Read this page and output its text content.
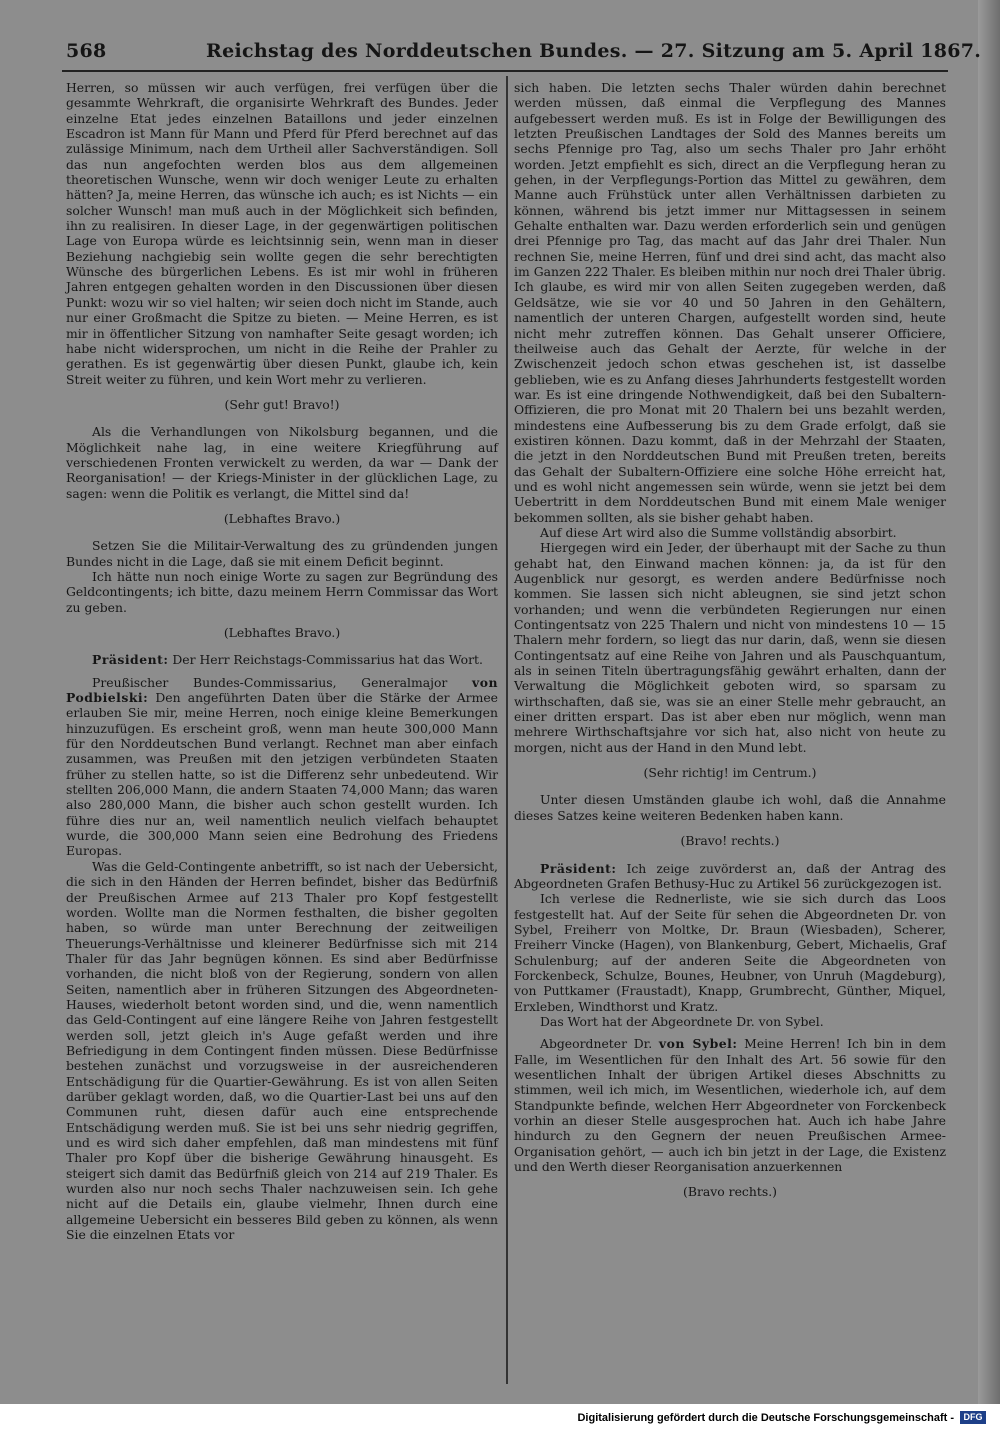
568	Reichstag des Norddeutschen Bundes. — 27. Sitzung am 5. April 1867.

Herren, so müssen wir auch verfügen, frei verfügen über die gesammte Wehrkraft, die organisirte Wehrkraft des Bundes. Jeder einzelne Etat jedes einzelnen Bataillons und jeder einzelnen Escadron ist Mann für Mann und Pferd für Pferd berechnet auf das zulässige Minimum, nach dem Urtheil aller Sachverständigen. Soll das nun angefochten werden blos aus dem allgemeinen theoretischen Wunsche, wenn wir doch weniger Leute zu erhalten hätten? Ja, meine Herren, das wünsche ich auch; es ist Nichts — ein solcher Wunsch! man muß auch in der Möglichkeit sich befinden, ihn zu realisiren. In dieser Lage, in der gegenwärtigen politischen Lage von Europa würde es leichtsinnig sein, wenn man in dieser Beziehung nachgiebig sein wollte gegen die sehr berechtigten Wünsche des bürgerlichen Lebens. Es ist mir wohl in früheren Jahren entgegen gehalten worden in den Discussionen über diesen Punkt: wozu wir so viel halten; wir seien doch nicht im Stande, auch nur einer Großmacht die Spitze zu bieten. — Meine Herren, es ist mir in öffentlicher Sitzung von namhafter Seite gesagt worden; ich habe nicht widersprochen, um nicht in die Reihe der Prahler zu gerathen. Es ist gegenwärtig über diesen Punkt, glaube ich, kein Streit weiter zu führen, und kein Wort mehr zu verlieren.

(Sehr gut! Bravo!)

Als die Verhandlungen von Nikolsburg begannen, und die Möglichkeit nahe lag, in eine weitere Kriegführung auf verschiedenen Fronten verwickelt zu werden, da war — Dank der Reorganisation! — der Kriegs-Minister in der glücklichen Lage, zu sagen: wenn die Politik es verlangt, die Mittel sind da!

(Lebhaftes Bravo.)

Setzen Sie die Militair-Verwaltung des zu gründenden jungen Bundes nicht in die Lage, daß sie mit einem Deficit beginnt.

Ich hätte nun noch einige Worte zu sagen zur Begründung des Geldcontingents; ich bitte, dazu meinem Herrn Commissar das Wort zu geben.

(Lebhaftes Bravo.)

Präsident: Der Herr Reichstags-Commissarius hat das Wort.

Preußischer Bundes-Commissarius, Generalmajor von Podbielski: Den angeführten Daten über die Stärke der Armee erlauben Sie mir, meine Herren, noch einige kleine Bemerkungen hinzuzufügen. Es erscheint groß, wenn man heute 300,000 Mann für den Norddeutschen Bund verlangt. Rechnet man aber einfach zusammen, was Preußen mit den jetzigen verbündeten Staaten früher zu stellen hatte, so ist die Differenz sehr unbedeutend. Wir stellten 206,000 Mann, die andern Staaten 74,000 Mann; das waren also 280,000 Mann, die bisher auch schon gestellt wurden. Ich führe dies nur an, weil namentlich neulich vielfach behauptet wurde, die 300,000 Mann seien eine Bedrohung des Friedens Europas.

Was die Geld-Contingente anbetrifft, so ist nach der Uebersicht, die sich in den Händen der Herren befindet, bisher das Bedürfniß der Preußischen Armee auf 213 Thaler pro Kopf festgestellt worden. Wollte man die Normen festhalten, die bisher gegolten haben, so würde man unter Berechnung der zeitweiligen Theuerungs-Verhältnisse und kleinerer Bedürfnisse sich mit 214 Thaler für das Jahr begnügen können. Es sind aber Bedürfnisse vorhanden, die nicht bloß von der Regierung, sondern von allen Seiten, namentlich aber in früheren Sitzungen des Abgeordneten-Hauses, wiederholt betont worden sind, und die, wenn namentlich das Geld-Contingent auf eine längere Reihe von Jahren festgestellt werden soll, jetzt gleich in's Auge gefaßt werden und ihre Befriedigung in dem Contingent finden müssen. Diese Bedürfnisse bestehen zunächst und vorzugsweise in der ausreichenderen Entschädigung für die Quartier-Gewährung. Es ist von allen Seiten darüber geklagt worden, daß, wo die Quartier-Last bei uns auf den Communen ruht, diesen dafür auch eine entsprechende Entschädigung werden muß. Sie ist bei uns sehr niedrig gegriffen, und es wird sich daher empfehlen, daß man mindestens mit fünf Thaler pro Kopf über die bisherige Gewährung hinausgeht. Es steigert sich damit das Bedürfniß gleich von 214 auf 219 Thaler. Es wurden also nur noch sechs Thaler nachzuweisen sein. Ich gehe nicht auf die Details ein, glaube vielmehr, Ihnen durch eine allgemeine Uebersicht ein besseres Bild geben zu können, als wenn Sie die einzelnen Etats vor

sich haben. Die letzten sechs Thaler würden dahin berechnet werden müssen, daß einmal die Verpflegung des Mannes aufgebessert werden muß. Es ist in Folge der Bewilligungen des letzten Preußischen Landtages der Sold des Mannes bereits um sechs Pfennige pro Tag, also um sechs Thaler pro Jahr erhöht worden. Jetzt empfiehlt es sich, direct an die Verpflegung heran zu gehen, in der Verpflegungs-Portion das Mittel zu gewähren, dem Manne auch Frühstück unter allen Verhältnissen darbieten zu können, während bis jetzt immer nur Mittagsessen in seinem Gehalte enthalten war. Dazu werden erforderlich sein und genügen drei Pfennige pro Tag, das macht auf das Jahr drei Thaler. Nun rechnen Sie, meine Herren, fünf und drei sind acht, das macht also im Ganzen 222 Thaler. Es bleiben mithin nur noch drei Thaler übrig. Ich glaube, es wird mir von allen Seiten zugegeben werden, daß Geldsätze, wie sie vor 40 und 50 Jahren in den Gehältern, namentlich der unteren Chargen, aufgestellt worden sind, heute nicht mehr zutreffen können. Das Gehalt unserer Officiere, theilweise auch das Gehalt der Aerzte, für welche in der Zwischenzeit jedoch schon etwas geschehen ist, ist dasselbe geblieben, wie es zu Anfang dieses Jahrhunderts festgestellt worden war. Es ist eine dringende Nothwendigkeit, daß bei den Subaltern-Offizieren, die pro Monat mit 20 Thalern bei uns bezahlt werden, mindestens eine Aufbesserung bis zu dem Grade erfolgt, daß sie existiren können. Dazu kommt, daß in der Mehrzahl der Staaten, die jetzt in den Norddeutschen Bund mit Preußen treten, bereits das Gehalt der Subaltern-Offiziere eine solche Höhe erreicht hat, und es wohl nicht angemessen sein würde, wenn sie jetzt bei dem Uebertritt in dem Norddeutschen Bund mit einem Male weniger bekommen sollten, als sie bisher gehabt haben.

Auf diese Art wird also die Summe vollständig absorbirt.

Hiergegen wird ein Jeder, der überhaupt mit der Sache zu thun gehabt hat, den Einwand machen können: ja, da ist für den Augenblick nur gesorgt, es werden andere Bedürfnisse noch kommen. Sie lassen sich nicht ableugnen, sie sind jetzt schon vorhanden; und wenn die verbündeten Regierungen nur einen Contingentsatz von 225 Thalern und nicht von mindestens 10 — 15 Thalern mehr fordern, so liegt das nur darin, daß, wenn sie diesen Contingentsatz auf eine Reihe von Jahren und als Pauschquantum, als in seinen Titeln übertragungsfähig gewährt erhalten, dann der Verwaltung die Möglichkeit geboten wird, so sparsam zu wirthschaften, daß sie, was sie an einer Stelle mehr gebraucht, an einer dritten erspart. Das ist aber eben nur möglich, wenn man mehrere Wirthschaftsjahre vor sich hat, also nicht von heute zu morgen, nicht aus der Hand in den Mund lebt.

(Sehr richtig! im Centrum.)

Unter diesen Umständen glaube ich wohl, daß die Annahme dieses Satzes keine weiteren Bedenken haben kann.

(Bravo! rechts.)

Präsident: Ich zeige zuvörderst an, daß der Antrag des Abgeordneten Grafen Bethusy-Huc zu Artikel 56 zurückgezogen ist.

Ich verlese die Rednerliste, wie sie sich durch das Loos festgestellt hat. Auf der Seite für sehen die Abgeordneten Dr. von Sybel, Freiherr von Moltke, Dr. Braun (Wiesbaden), Scherer, Freiherr Vincke (Hagen), von Blankenburg, Gebert, Michaelis, Graf Schulenburg; auf der anderen Seite die Abgeordneten von Forckenbeck, Schulze, Bounes, Heubner, von Unruh (Magdeburg), von Puttkamer (Fraustadt), Knapp, Grumbrecht, Günther, Miquel, Erxleben, Windthorst und Kratz.

Das Wort hat der Abgeordnete Dr. von Sybel.

Abgeordneter Dr. von Sybel: Meine Herren! Ich bin in dem Falle, im Wesentlichen für den Inhalt des Art. 56 sowie für den wesentlichen Inhalt der übrigen Artikel dieses Abschnitts zu stimmen, weil ich mich, im Wesentlichen, wiederhole ich, auf dem Standpunkte befinde, welchen Herr Abgeordneter von Forckenbeck vorhin an dieser Stelle ausgesprochen hat. Auch ich habe Jahre hindurch zu den Gegnern der neuen Preußischen Armee-Organisation gehört, — auch ich bin jetzt in der Lage, die Existenz und den Werth dieser Reorganisation anzuerkennen

(Bravo rechts.)

Digitalisierung gefördert durch die Deutsche Forschungsgemeinschaft -	DFG
